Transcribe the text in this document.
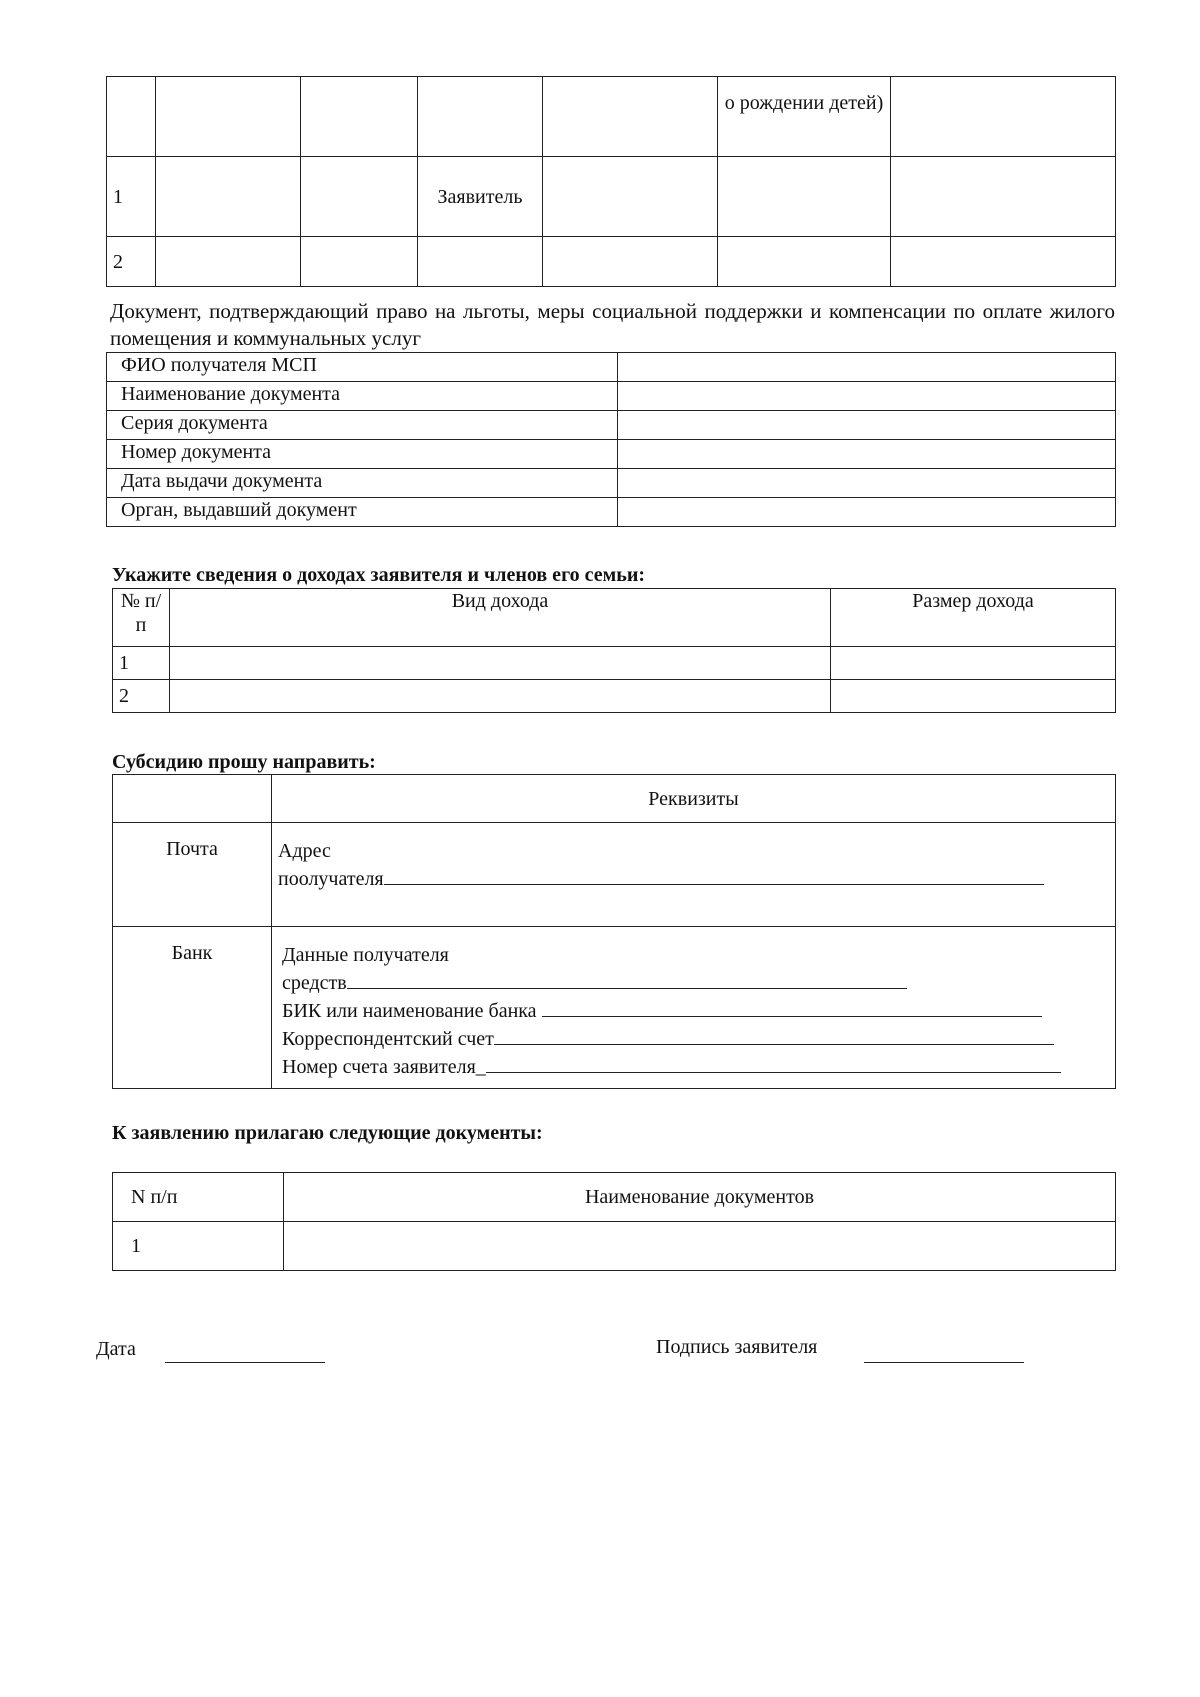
					о рождении детей)	
1			Заявитель			
2						
Документ, подтверждающий право на льготы, меры социальной поддержки и компенсации по оплате жилого помещения и коммунальных услуг
ФИО получателя МСП	
Наименование документа	
Серия документа	
Номер документа	
Дата выдачи документа	
Орган, выдавший документ	
Укажите сведения о доходах заявителя и членов его семьи:
№ п/п	Вид дохода	Размер дохода
1		
2		
Субсидию прошу направить:
	Реквизиты
Почта	Адрес
поолучателя

Банк	Данные получателя
средств
БИК или наименование банка
Корреспондентский счет
Номер счета заявителя_
К заявлению прилагаю следующие документы:
N п/п	Наименование документов
1	
Дата	Подпись заявителя
